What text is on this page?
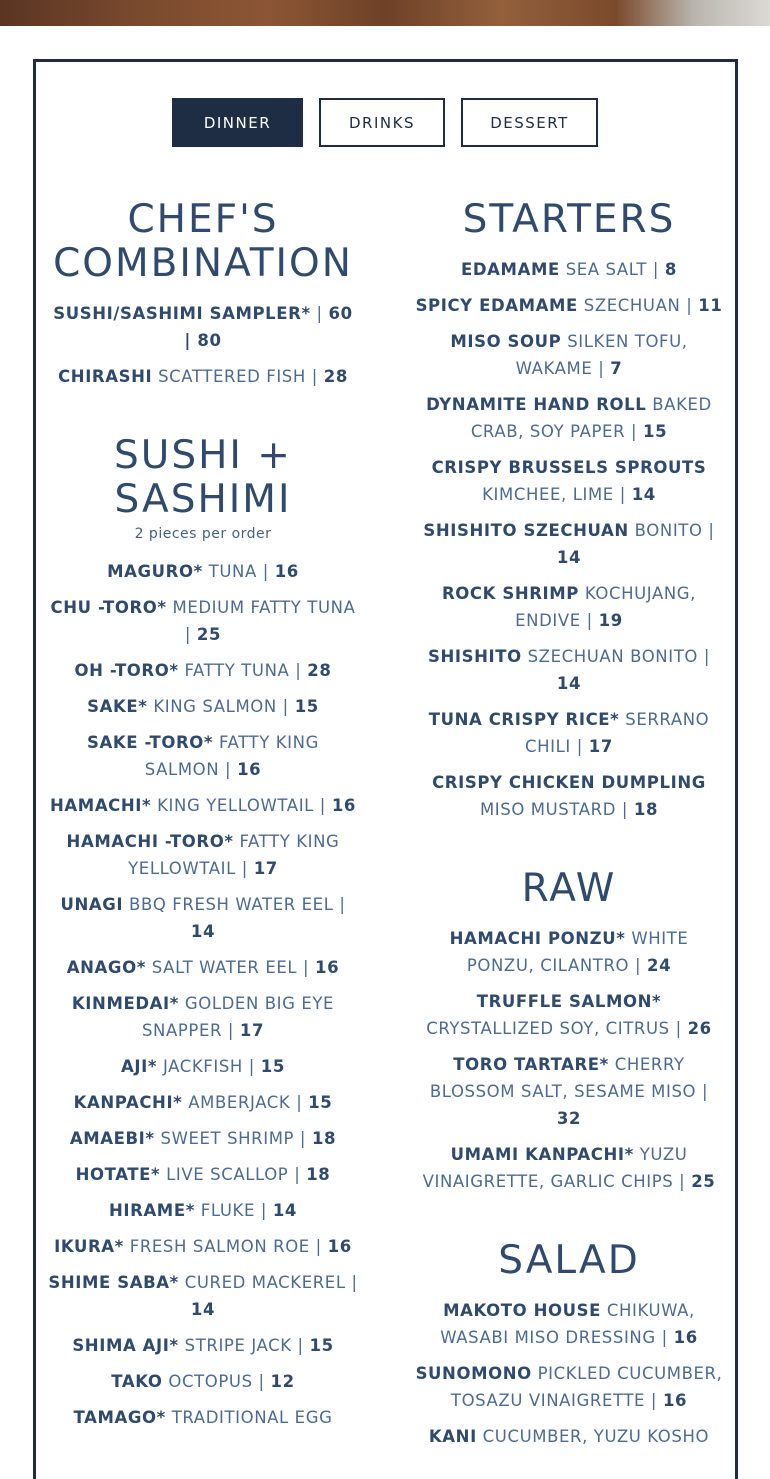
DINNER	DRINKS	DESSERT
CHEF'S COMBINATION
SUSHI/SASHIMI SAMPLER* | 60 | 80
CHIRASHI SCATTERED FISH | 28
SUSHI + SASHIMI
2 pieces per order
MAGURO* TUNA | 16
CHU -TORO* MEDIUM FATTY TUNA | 25
OH -TORO* FATTY TUNA | 28
SAKE* KING SALMON | 15
SAKE -TORO* FATTY KING SALMON | 16
HAMACHI* KING YELLOWTAIL | 16
HAMACHI -TORO* FATTY KING YELLOWTAIL | 17
UNAGI BBQ FRESH WATER EEL | 14
ANAGO* SALT WATER EEL | 16
KINMEDAI* GOLDEN BIG EYE SNAPPER | 17
AJI* JACKFISH | 15
KANPACHI* AMBERJACK | 15
AMAEBI* SWEET SHRIMP | 18
HOTATE* LIVE SCALLOP | 18
HIRAME* FLUKE | 14
IKURA* FRESH SALMON ROE | 16
SHIME SABA* CURED MACKEREL | 14
SHIMA AJI* STRIPE JACK | 15
TAKO OCTOPUS | 12
TAMAGO* TRADITIONAL EGG
STARTERS
EDAMAME SEA SALT | 8
SPICY EDAMAME SZECHUAN | 11
MISO SOUP SILKEN TOFU, WAKAME | 7
DYNAMITE HAND ROLL BAKED CRAB, SOY PAPER | 15
CRISPY BRUSSELS SPROUTS KIMCHEE, LIME | 14
SHISHITO SZECHUAN BONITO | 14
ROCK SHRIMP KOCHUJANG, ENDIVE | 19
SHISHITO SZECHUAN BONITO | 14
TUNA CRISPY RICE* SERRANO CHILI | 17
CRISPY CHICKEN DUMPLING MISO MUSTARD | 18
RAW
HAMACHI PONZU* WHITE PONZU, CILANTRO | 24
TRUFFLE SALMON* CRYSTALLIZED SOY, CITRUS | 26
TORO TARTARE* CHERRY BLOSSOM SALT, SESAME MISO | 32
UMAMI KANPACHI* YUZU VINAIGRETTE, GARLIC CHIPS | 25
SALAD
MAKOTO HOUSE CHIKUWA, WASABI MISO DRESSING | 16
SUNOMONO PICKLED CUCUMBER, TOSAZU VINAIGRETTE | 16
KANI CUCUMBER, YUZU KOSHO
